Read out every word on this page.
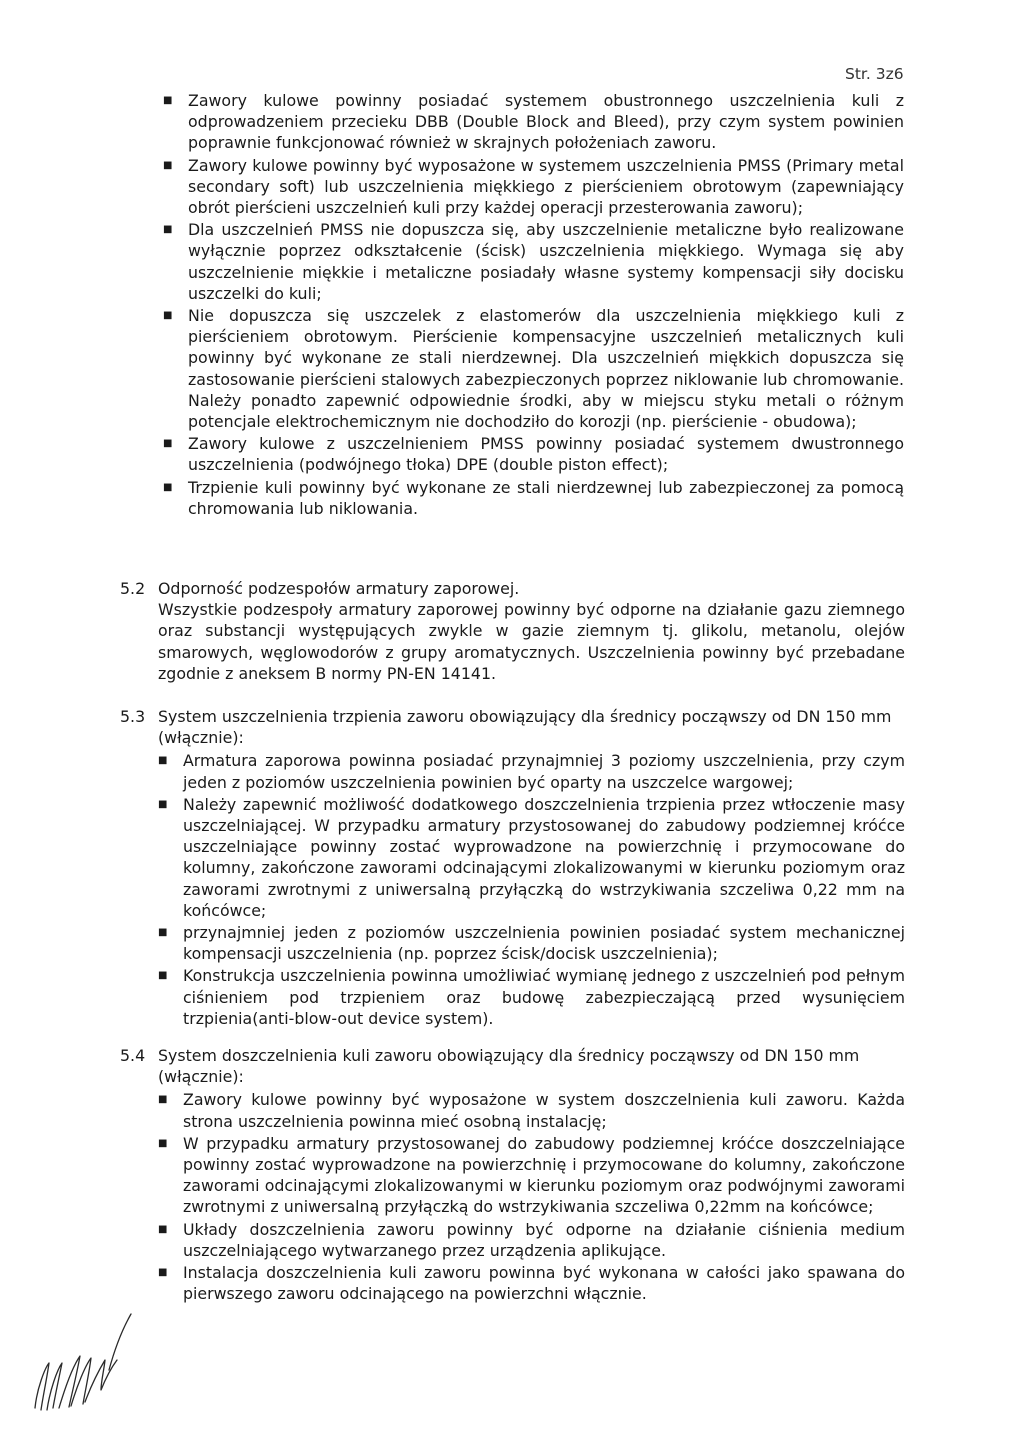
Str. 3z6
■ Zawory kulowe powinny posiadać systemem obustronnego uszczelnienia kuli z odprowadzeniem przecieku DBB (Double Block and Bleed), przy czym system powinien poprawnie funkcjonować również w skrajnych położeniach zaworu.
■ Zawory kulowe powinny być wyposażone w systemem uszczelnienia PMSS (Primary metal secondary soft) lub uszczelnienia miękkiego z pierścieniem obrotowym (zapewniający obrót pierścieni uszczelnień kuli przy każdej operacji przesterowania zaworu);
■ Dla uszczelnień PMSS nie dopuszcza się, aby uszczelnienie metaliczne było realizowane wyłącznie poprzez odkształcenie (ścisk) uszczelnienia miękkiego. Wymaga się aby uszczelnienie miękkie i metaliczne posiadały własne systemy kompensacji siły docisku uszczelki do kuli;
■ Nie dopuszcza się uszczelek z elastomerów dla uszczelnienia miękkiego kuli z pierścieniem obrotowym. Pierścienie kompensacyjne uszczelnień metalicznych kuli powinny być wykonane ze stali nierdzewnej. Dla uszczelnień miękkich dopuszcza się zastosowanie pierścieni stalowych zabezpieczonych poprzez niklowanie lub chromowanie. Należy ponadto zapewnić odpowiednie środki, aby w miejscu styku metali o różnym potencjale elektrochemicznym nie dochodziło do korozji (np. pierścienie - obudowa);
■ Zawory kulowe z uszczelnieniem PMSS powinny posiadać systemem dwustronnego uszczelnienia (podwójnego tłoka) DPE (double piston effect);
■ Trzpienie kuli powinny być wykonane ze stali nierdzewnej lub zabezpieczonej za pomocą chromowania lub niklowania.
5.2 Odporność podzespołów armatury zaporowej.
Wszystkie podzespoły armatury zaporowej powinny być odporne na działanie gazu ziemnego oraz substancji występujących zwykle w gazie ziemnym tj. glikolu, metanolu, olejów smarowych, węglowodorów z grupy aromatycznych. Uszczelnienia powinny być przebadane zgodnie z aneksem B normy PN-EN 14141.
5.3 System uszczelnienia trzpienia zaworu obowiązujący dla średnicy począwszy od DN 150 mm (włącznie):
■ Armatura zaporowa powinna posiadać przynajmniej 3 poziomy uszczelnienia, przy czym jeden z poziomów uszczelnienia powinien być oparty na uszczelce wargowej;
■ Należy zapewnić możliwość dodatkowego doszczelnienia trzpienia przez wtłoczenie masy uszczelniającej. W przypadku armatury przystosowanej do zabudowy podziemnej króćce uszczelniające powinny zostać wyprowadzone na powierzchnię i przymocowane do kolumny, zakończone zaworami odcinającymi zlokalizowanymi w kierunku poziomym oraz zaworami zwrotnymi z uniwersalną przyłączką do wstrzykiwania szczeliwa 0,22 mm na końcówce;
■ przynajmniej jeden z poziomów uszczelnienia powinien posiadać system mechanicznej kompensacji uszczelnienia (np. poprzez ścisk/docisk uszczelnienia);
■ Konstrukcja uszczelnienia powinna umożliwiać wymianę jednego z uszczelnień pod pełnym ciśnieniem pod trzpieniem oraz budowę zabezpieczającą przed wysunięciem trzpienia(anti-blow-out device system).
5.4 System doszczelnienia kuli zaworu obowiązujący dla średnicy począwszy od DN 150 mm (włącznie):
■ Zawory kulowe powinny być wyposażone w system doszczelnienia kuli zaworu. Każda strona uszczelnienia powinna mieć osobną instalację;
■ W przypadku armatury przystosowanej do zabudowy podziemnej króćce doszczelniające powinny zostać wyprowadzone na powierzchnię i przymocowane do kolumny, zakończone zaworami odcinającymi zlokalizowanymi w kierunku poziomym oraz podwójnymi zaworami zwrotnymi z uniwersalną przyłączką do wstrzykiwania szczeliwa 0,22mm na końcówce;
■ Układy doszczelnienia zaworu powinny być odporne na działanie ciśnienia medium uszczelniającego wytwarzanego przez urządzenia aplikujące.
■ Instalacja doszczelnienia kuli zaworu powinna być wykonana w całości jako spawana do pierwszego zaworu odcinającego na powierzchni włącznie.
